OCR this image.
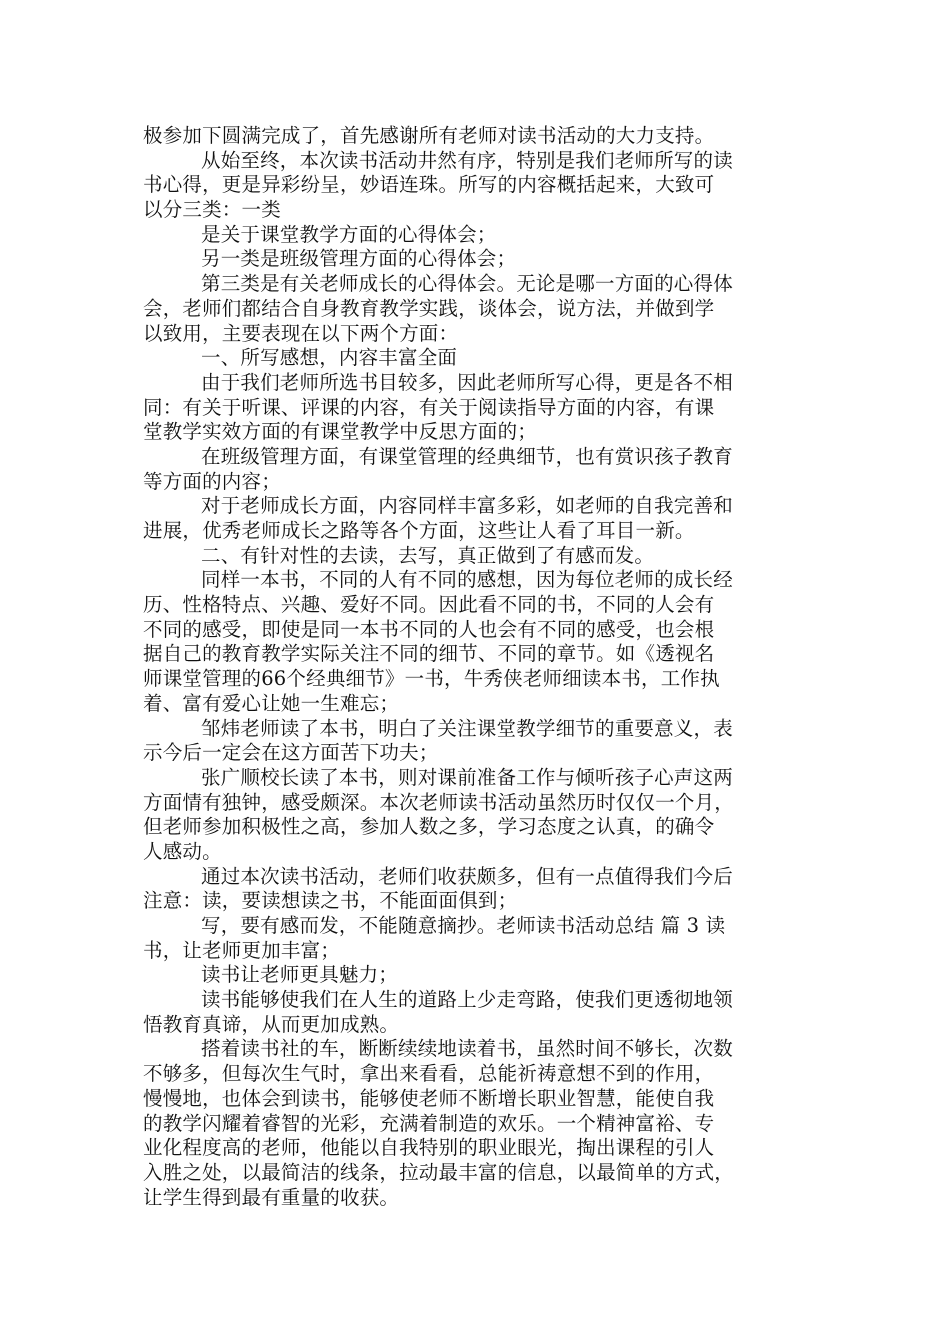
极参加下圆满完成了，首先感谢所有老师对读书活动的大力支持。
从始至终，本次读书活动井然有序，特别是我们老师所写的读
书心得，更是异彩纷呈，妙语连珠。所写的内容概括起来，大致可
以分三类：一类
是关于课堂教学方面的心得体会；
另一类是班级管理方面的心得体会；
第三类是有关老师成长的心得体会。无论是哪一方面的心得体
会，老师们都结合自身教育教学实践，谈体会，说方法，并做到学
以致用，主要表现在以下两个方面：
一、所写感想，内容丰富全面
由于我们老师所选书目较多，因此老师所写心得，更是各不相
同：有关于听课、评课的内容，有关于阅读指导方面的内容，有课
堂教学实效方面的有课堂教学中反思方面的；
在班级管理方面，有课堂管理的经典细节，也有赏识孩子教育
等方面的内容；
对于老师成长方面，内容同样丰富多彩，如老师的自我完善和
进展，优秀老师成长之路等各个方面，这些让人看了耳目一新。
二、有针对性的去读，去写，真正做到了有感而发。
同样一本书，不同的人有不同的感想，因为每位老师的成长经
历、性格特点、兴趣、爱好不同。因此看不同的书，不同的人会有
不同的感受，即使是同一本书不同的人也会有不同的感受，也会根
据自己的教育教学实际关注不同的细节、不同的章节。如《透视名
师课堂管理的66个经典细节》一书，牛秀侠老师细读本书，工作执
着、富有爱心让她一生难忘；
邹炜老师读了本书，明白了关注课堂教学细节的重要意义，表
示今后一定会在这方面苦下功夫；
张广顺校长读了本书，则对课前准备工作与倾听孩子心声这两
方面情有独钟，感受颇深。本次老师读书活动虽然历时仅仅一个月，
但老师参加积极性之高，参加人数之多，学习态度之认真，的确令
人感动。
通过本次读书活动，老师们收获颇多，但有一点值得我们今后
注意：读，要读想读之书，不能面面俱到；
写，要有感而发，不能随意摘抄。老师读书活动总结 篇 3 读
书，让老师更加丰富；
读书让老师更具魅力；
读书能够使我们在人生的道路上少走弯路，使我们更透彻地领
悟教育真谛，从而更加成熟。
搭着读书社的车，断断续续地读着书，虽然时间不够长，次数
不够多，但每次生气时，拿出来看看，总能祈祷意想不到的作用，
慢慢地，也体会到读书，能够使老师不断增长职业智慧，能使自我
的教学闪耀着睿智的光彩，充满着制造的欢乐。一个精神富裕、专
业化程度高的老师，他能以自我特别的职业眼光，掏出课程的引人
入胜之处，以最简洁的线条，拉动最丰富的信息，以最简单的方式，
让学生得到最有重量的收获。
